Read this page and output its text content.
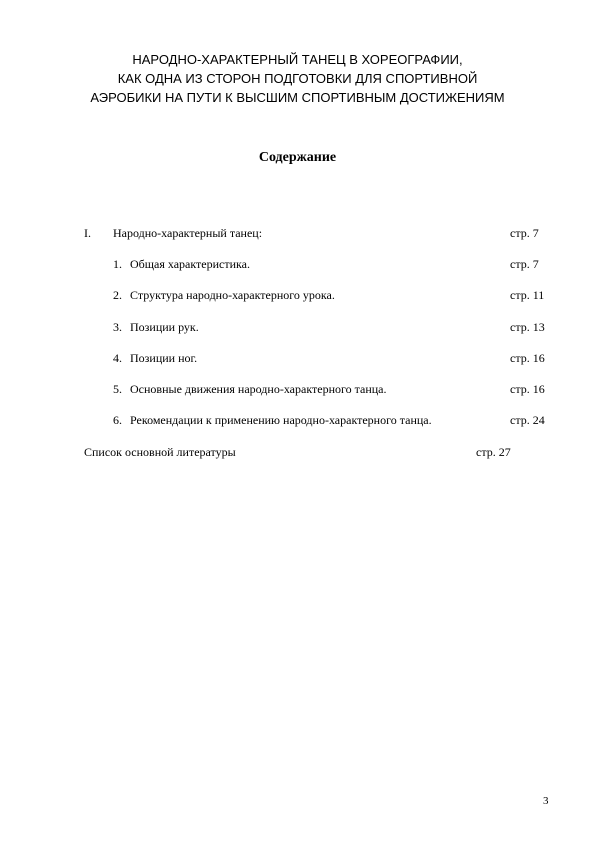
НАРОДНО-ХАРАКТЕРНЫЙ ТАНЕЦ В ХОРЕОГРАФИИ,
КАК ОДНА ИЗ СТОРОН ПОДГОТОВКИ ДЛЯ СПОРТИВНОЙ
АЭРОБИКИ НА ПУТИ К ВЫСШИМ СПОРТИВНЫМ ДОСТИЖЕНИЯМ
Содержание
I. Народно-характерный танец:	стр. 7
1. Общая характеристика.	стр. 7
2. Структура народно-характерного урока.	стр. 11
3. Позиции рук.	стр. 13
4. Позиции ног.	стр. 16
5. Основные движения народно-характерного танца.	стр. 16
6. Рекомендации к применению народно-характерного танца.	стр. 24
Список основной литературы	стр. 27
3
